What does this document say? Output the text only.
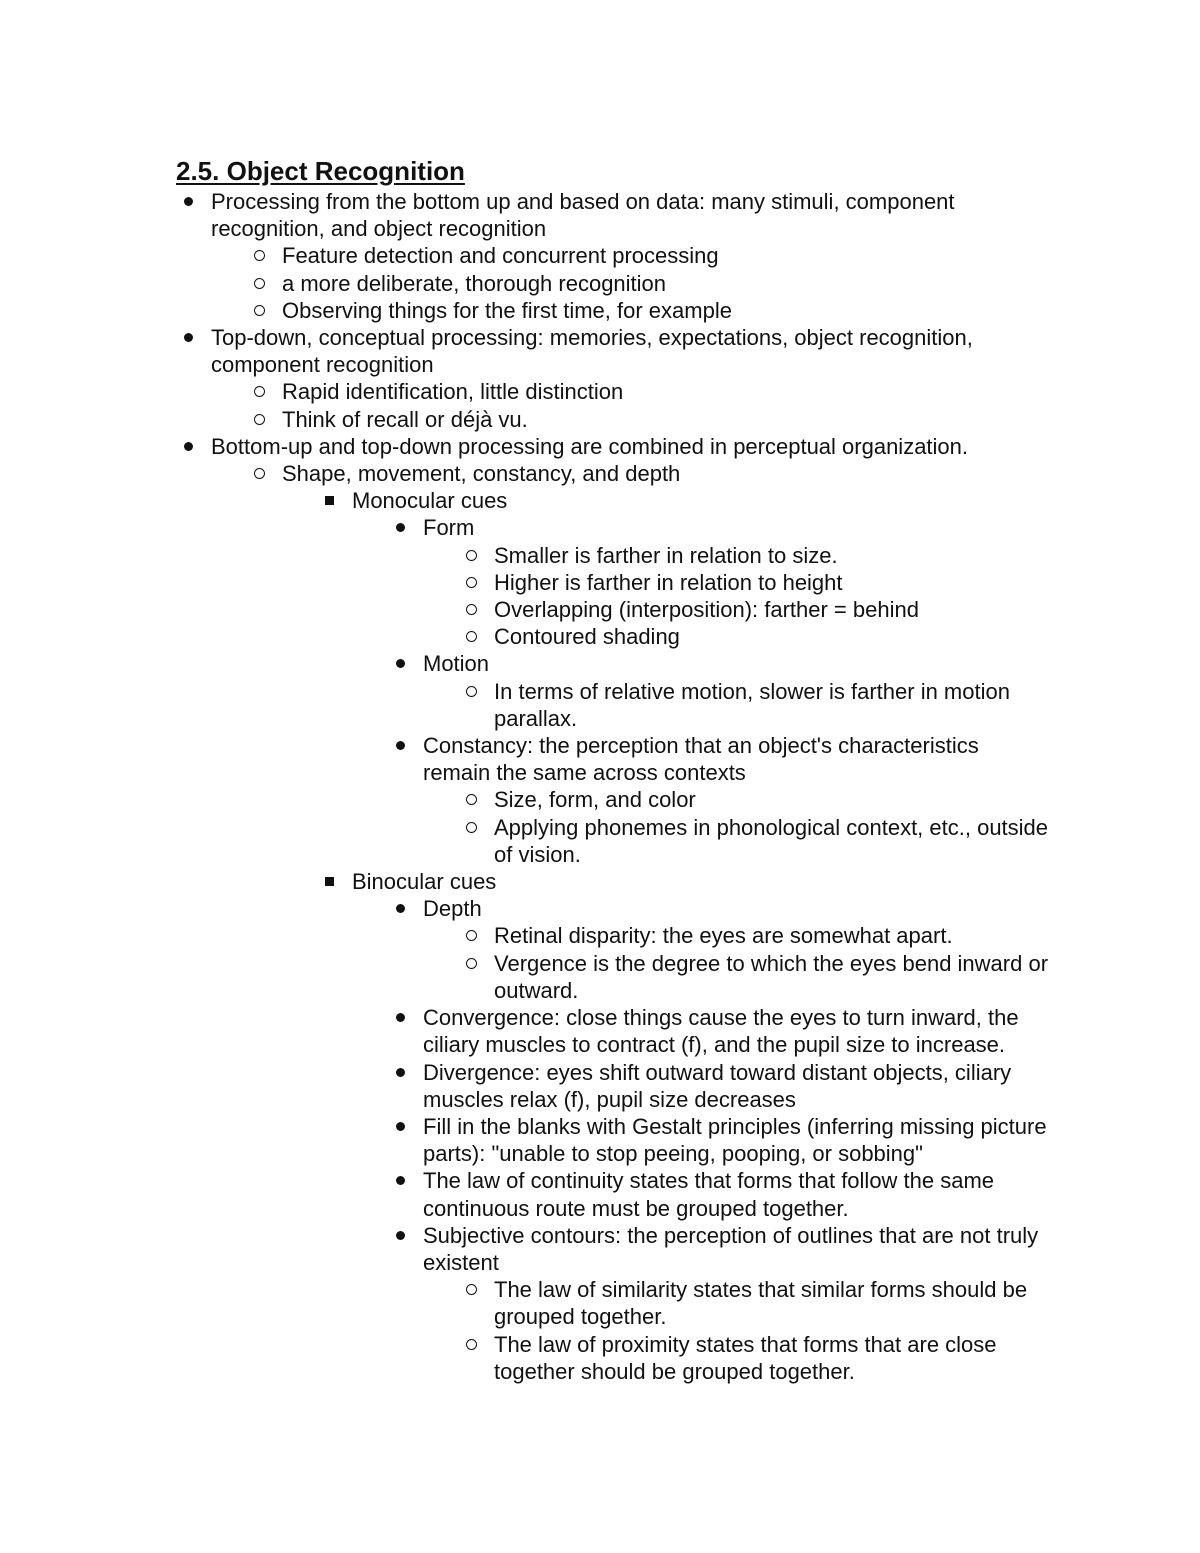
2.5. Object Recognition
Processing from the bottom up and based on data: many stimuli, component recognition, and object recognition
Feature detection and concurrent processing
a more deliberate, thorough recognition
Observing things for the first time, for example
Top-down, conceptual processing: memories, expectations, object recognition, component recognition
Rapid identification, little distinction
Think of recall or déjà vu.
Bottom-up and top-down processing are combined in perceptual organization.
Shape, movement, constancy, and depth
Monocular cues
Form
Smaller is farther in relation to size.
Higher is farther in relation to height
Overlapping (interposition): farther = behind
Contoured shading
Motion
In terms of relative motion, slower is farther in motion parallax.
Constancy: the perception that an object's characteristics remain the same across contexts
Size, form, and color
Applying phonemes in phonological context, etc., outside of vision.
Binocular cues
Depth
Retinal disparity: the eyes are somewhat apart.
Vergence is the degree to which the eyes bend inward or outward.
Convergence: close things cause the eyes to turn inward, the ciliary muscles to contract (f), and the pupil size to increase.
Divergence: eyes shift outward toward distant objects, ciliary muscles relax (f), pupil size decreases
Fill in the blanks with Gestalt principles (inferring missing picture parts): "unable to stop peeing, pooping, or sobbing"
The law of continuity states that forms that follow the same continuous route must be grouped together.
Subjective contours: the perception of outlines that are not truly existent
The law of similarity states that similar forms should be grouped together.
The law of proximity states that forms that are close together should be grouped together.
